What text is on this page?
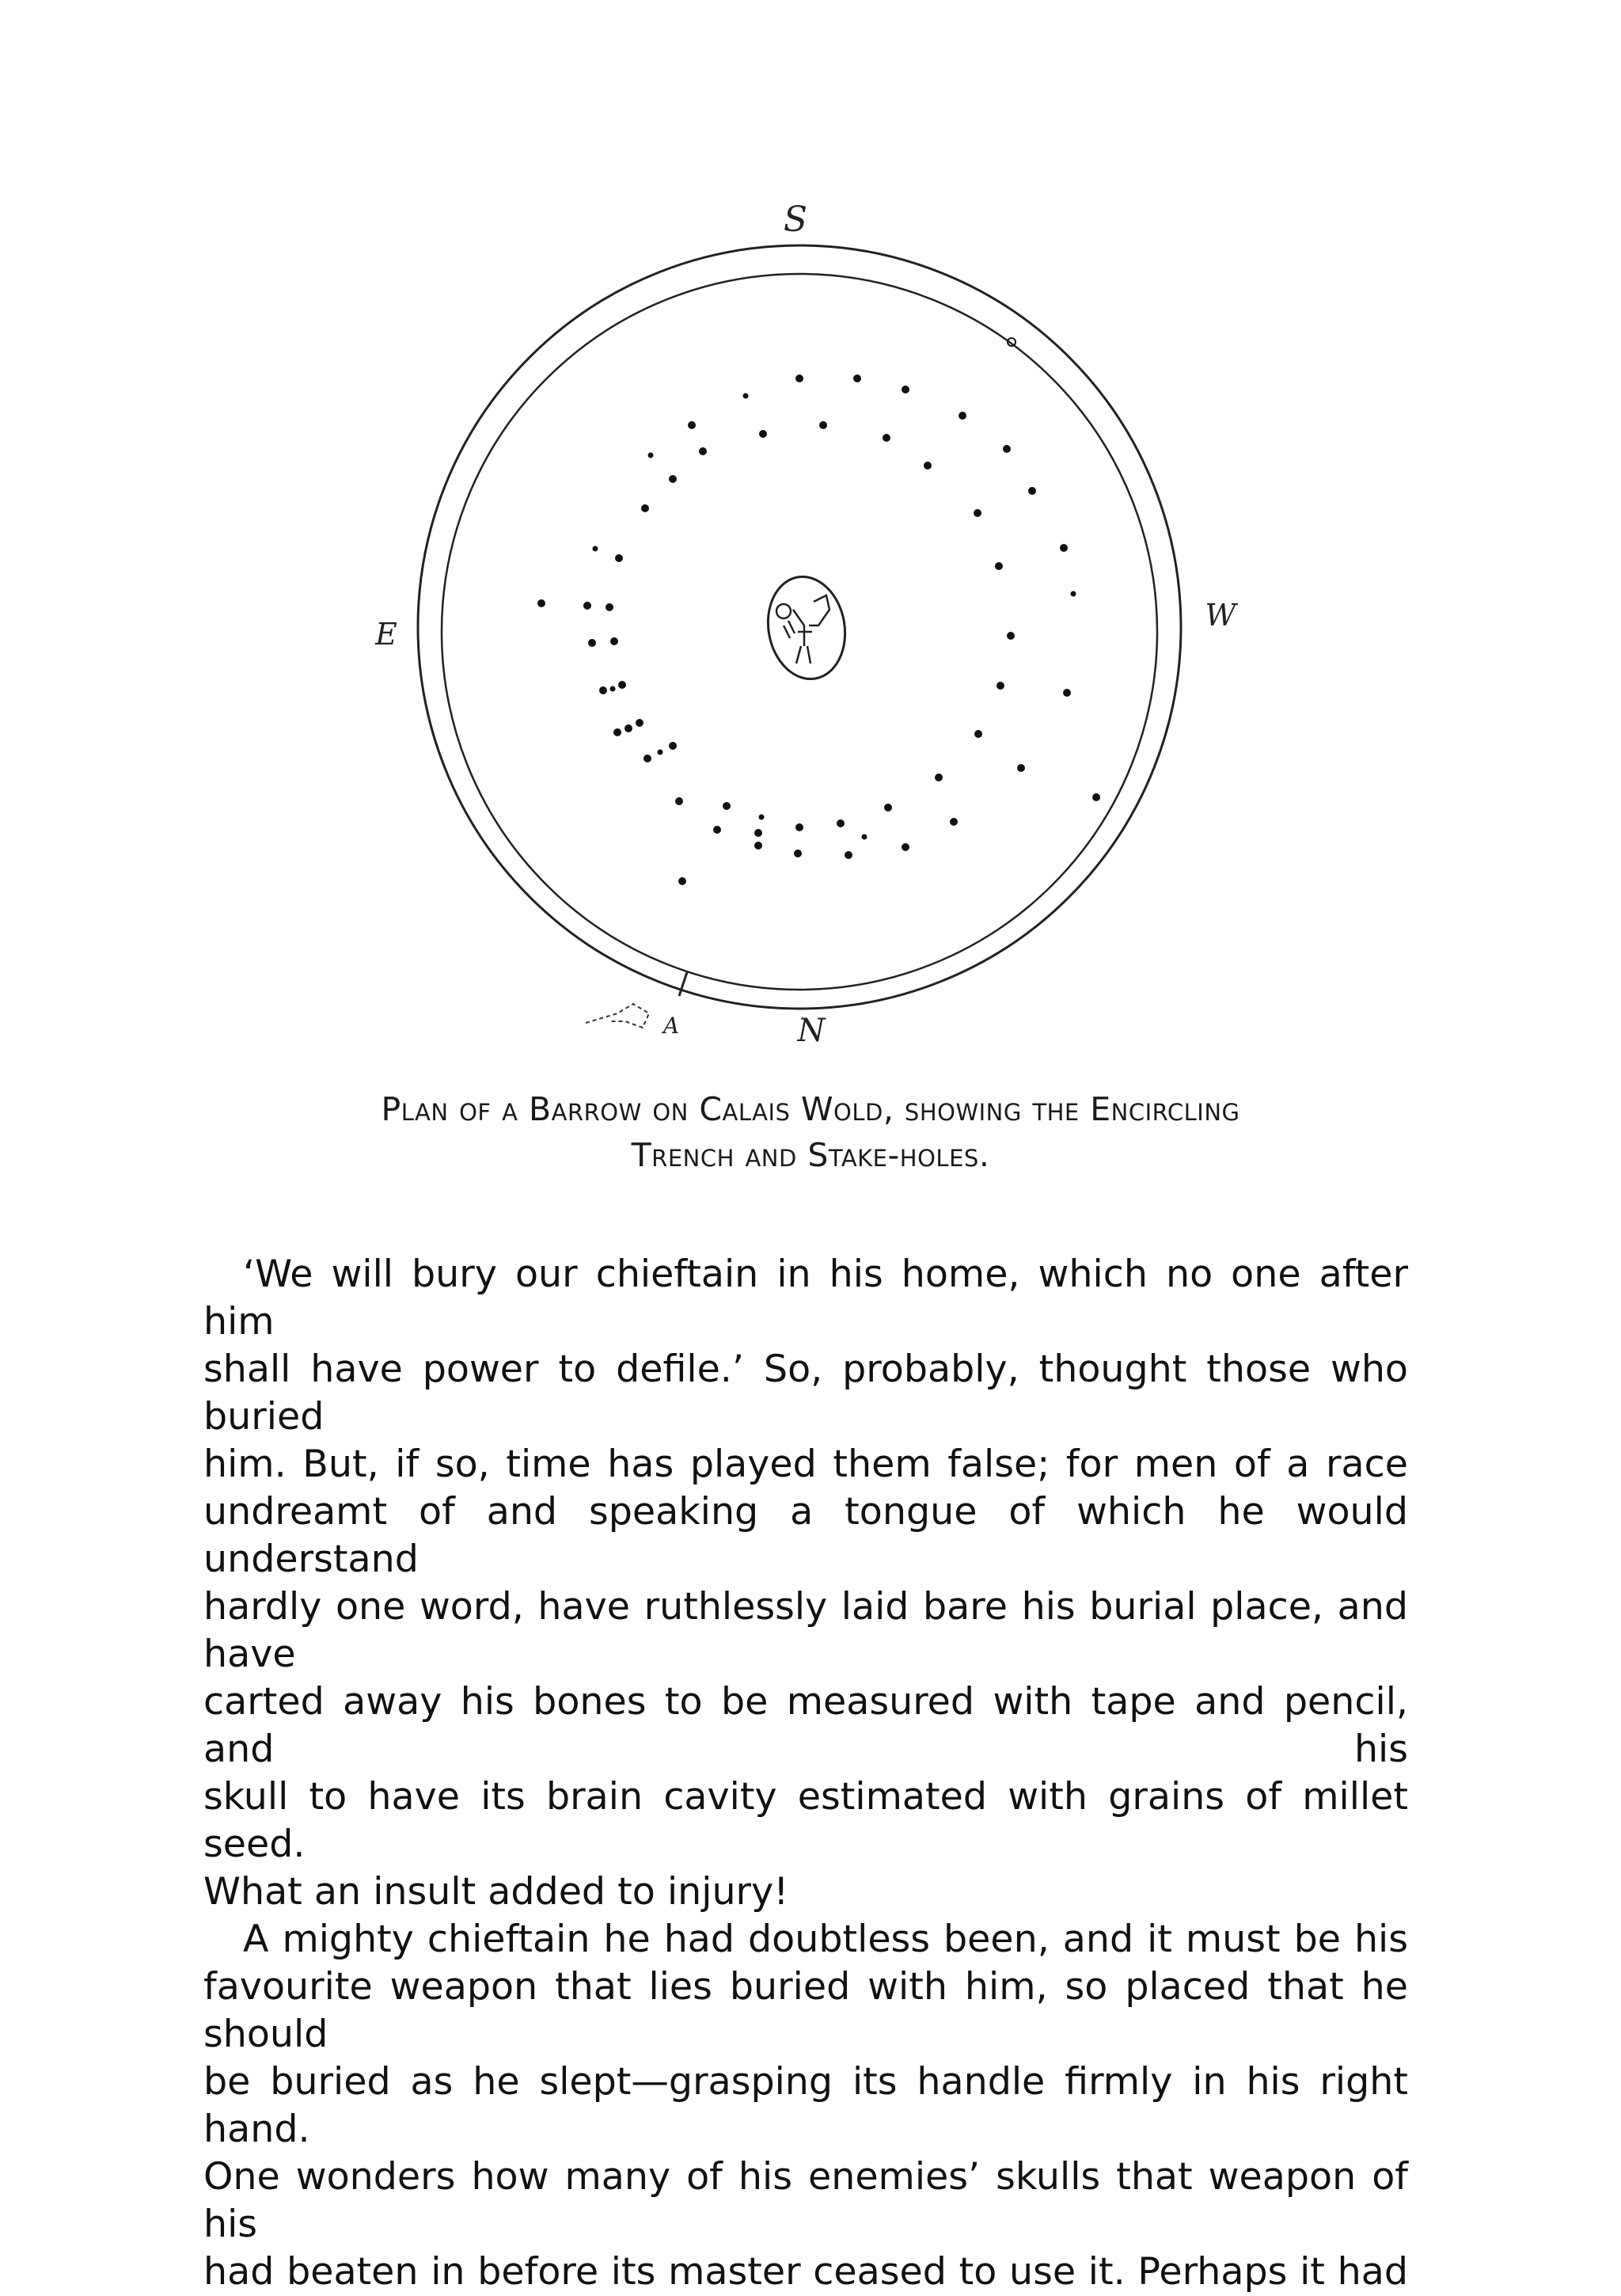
S
W
E
N
A
Plan of a Barrow on Calais Wold, showing the Encircling
Trench and Stake-holes.
‘We will bury our chieftain in his home, which no one after him
shall have power to defile.’ So, probably, thought those who buried
him. But, if so, time has played them false; for men of a race
undreamt of and speaking a tongue of which he would understand
hardly one word, have ruthlessly laid bare his burial place, and have
carted away his bones to be measured with tape and pencil, and his
skull to have its brain cavity estimated with grains of millet seed.
What an insult added to injury!
A mighty chieftain he had doubtless been, and it must be his
favourite weapon that lies buried with him, so placed that he should
be buried as he slept—grasping its handle firmly in his right hand.
One wonders how many of his enemies’ skulls that weapon of his
had beaten in before its master ceased to use it. Perhaps it had
